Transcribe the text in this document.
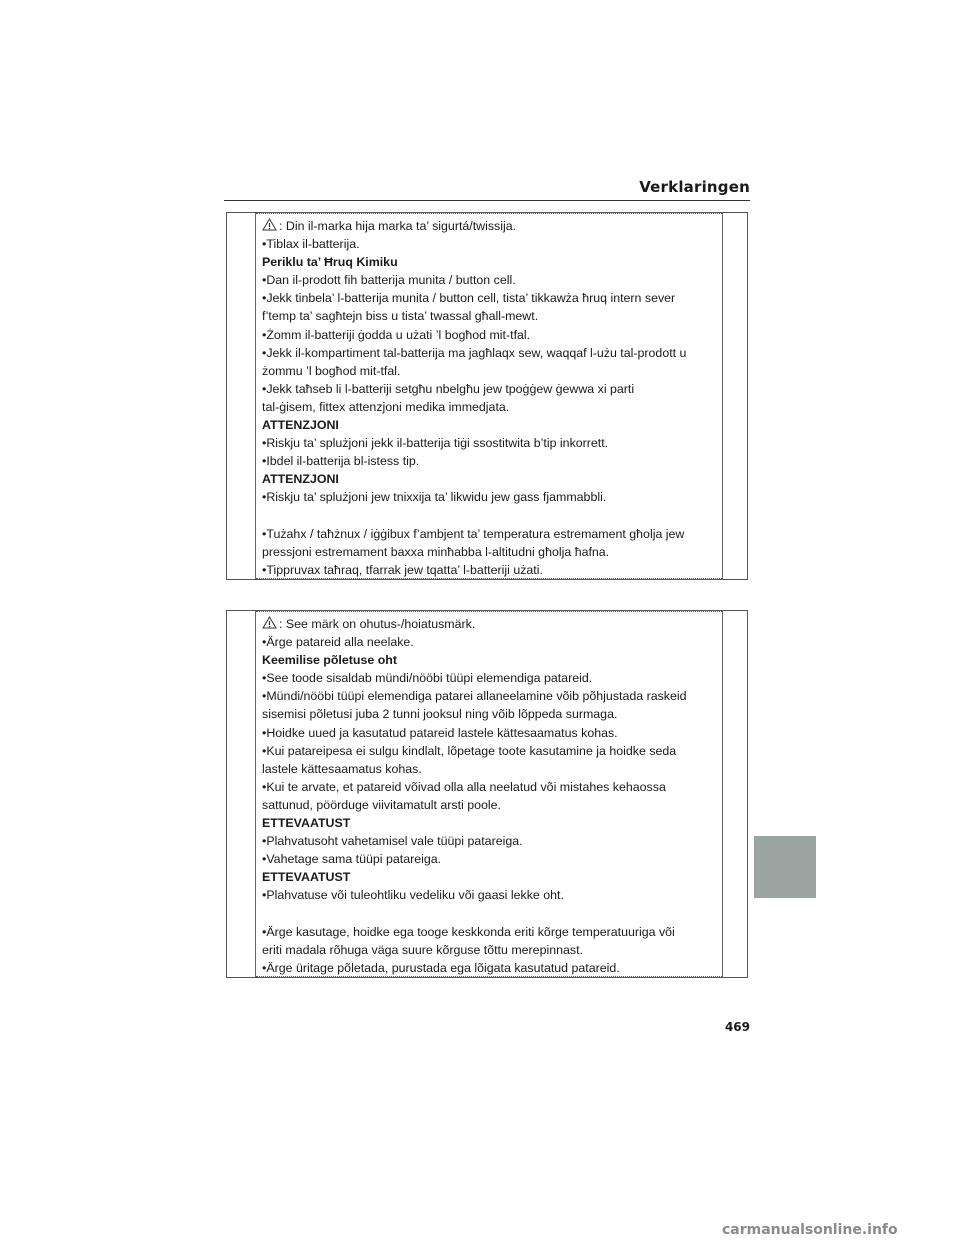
Verklaringen
: Din il-marka hija marka ta’ sigurtá/twissija.
•Tiblax il-batterija.
Periklu ta’ Ħruq Kimiku
•Dan il-prodott fih batterija munita / button cell.
•Jekk tinbela’ l-batterija munita / button cell, tista’ tikkawża ħruq intern sever
f’temp ta’ sagħtejn biss u tista’ twassal għall-mewt.
•Żomm il-batteriji ġodda u użati ’l bogħod mit-tfal.
•Jekk il-kompartiment tal-batterija ma jagħlaqx sew, waqqaf l-użu tal-prodott u
żommu ’l bogħod mit-tfal.
•Jekk taħseb li l-batteriji setgħu nbelgħu jew tpoġġew ġewwa xi parti
tal-ġisem, fittex attenzjoni medika immedjata.
ATTENZJONI
•Riskju ta’ splużjoni jekk il-batterija tiġi ssostitwita b’tip inkorrett.
•Ibdel il-batterija bl-istess tip.
ATTENZJONI
•Riskju ta’ splużjoni jew tnixxija ta’ likwidu jew gass fjammabbli.
•Tużahx / taħżnux / iġġibux f’ambjent ta’ temperatura estremament għolja jew
pressjoni estremament baxxa minħabba l-altitudni għolja ħafna.
•Tippruvax taħraq, tfarrak jew tqatta’ l-batteriji użati.
: See märk on ohutus-/hoiatusmärk.
•Ärge patareid alla neelake.
Keemilise põletuse oht
•See toode sisaldab mündi/nööbi tüüpi elemendiga patareid.
•Mündi/nööbi tüüpi elemendiga patarei allaneelamine võib põhjustada raskeid
sisemisi põletusi juba 2 tunni jooksul ning võib lõppeda surmaga.
•Hoidke uued ja kasutatud patareid lastele kättesaamatus kohas.
•Kui patareipesa ei sulgu kindlalt, lõpetage toote kasutamine ja hoidke seda
lastele kättesaamatus kohas.
•Kui te arvate, et patareid võivad olla alla neelatud või mistahes kehaossa
sattunud, pöörduge viivitamatult arsti poole.
ETTEVAATUST
•Plahvatusoht vahetamisel vale tüüpi patareiga.
•Vahetage sama tüüpi patareiga.
ETTEVAATUST
•Plahvatuse või tuleohtliku vedeliku või gaasi lekke oht.
•Ärge kasutage, hoidke ega tooge keskkonda eriti kõrge temperatuuriga või
eriti madala rõhuga väga suure kõrguse tõttu merepinnast.
•Ärge üritage põletada, purustada ega lõigata kasutatud patareid.
469
carmanualsonline.info
